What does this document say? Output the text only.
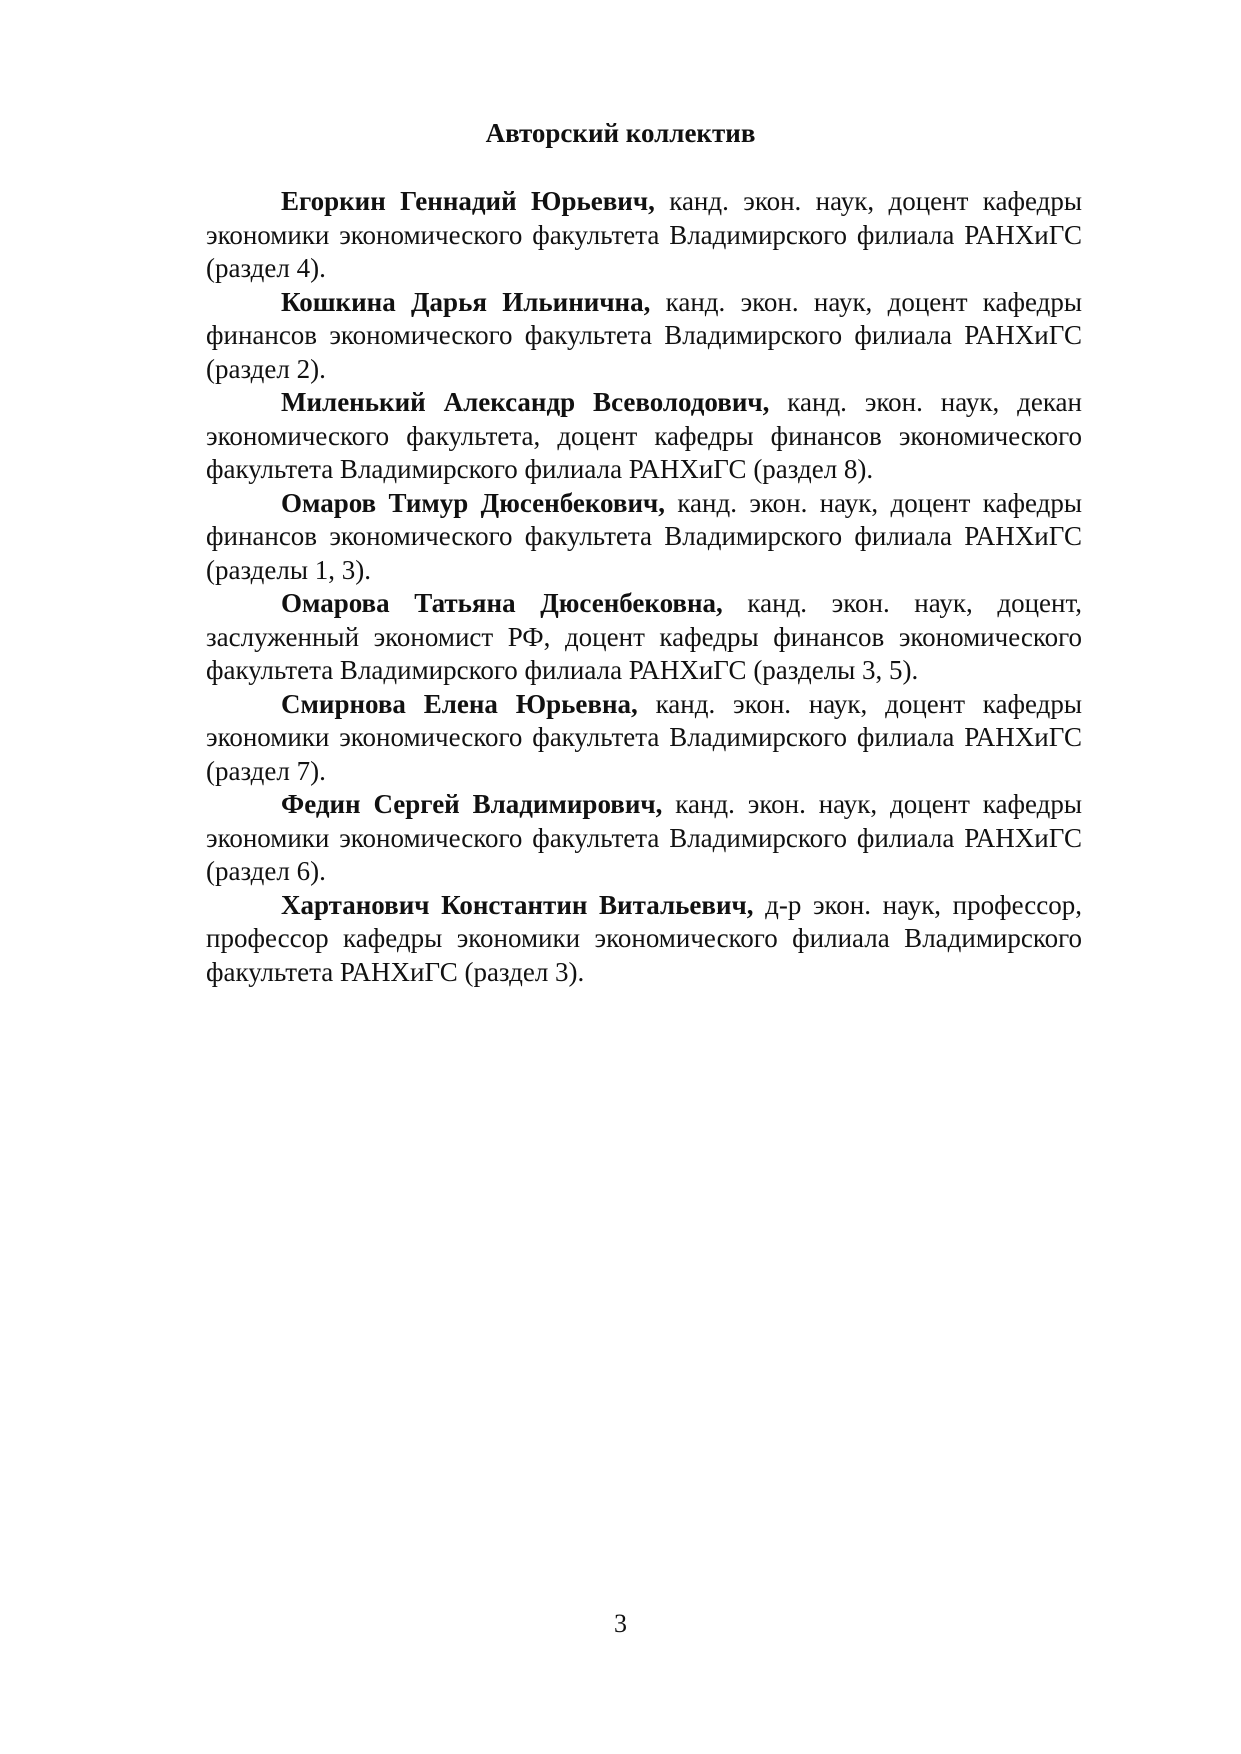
Авторский коллектив
Егоркин Геннадий Юрьевич, канд. экон. наук, доцент кафедры экономики экономического факультета Владимирского филиала РАНХиГС (раздел 4).
Кошкина Дарья Ильинична, канд. экон. наук, доцент кафедры финансов экономического факультета Владимирского филиала РАНХиГС (раздел 2).
Миленький Александр Всеволодович, канд. экон. наук, декан экономического факультета, доцент кафедры финансов экономического факультета Владимирского филиала РАНХиГС (раздел 8).
Омаров Тимур Дюсенбекович, канд. экон. наук, доцент кафедры финансов экономического факультета Владимирского филиала РАНХиГС (разделы 1, 3).
Омарова Татьяна Дюсенбековна, канд. экон. наук, доцент, заслуженный экономист РФ, доцент кафедры финансов экономического факультета Владимирского филиала РАНХиГС (разделы 3, 5).
Смирнова Елена Юрьевна, канд. экон. наук, доцент кафедры экономики экономического факультета Владимирского филиала РАНХиГС (раздел 7).
Федин Сергей Владимирович, канд. экон. наук, доцент кафедры экономики экономического факультета Владимирского филиала РАНХиГС (раздел 6).
Хартанович Константин Витальевич, д-р экон. наук, профессор, профессор кафедры экономики экономического филиала Владимирского факультета РАНХиГС (раздел 3).
3
